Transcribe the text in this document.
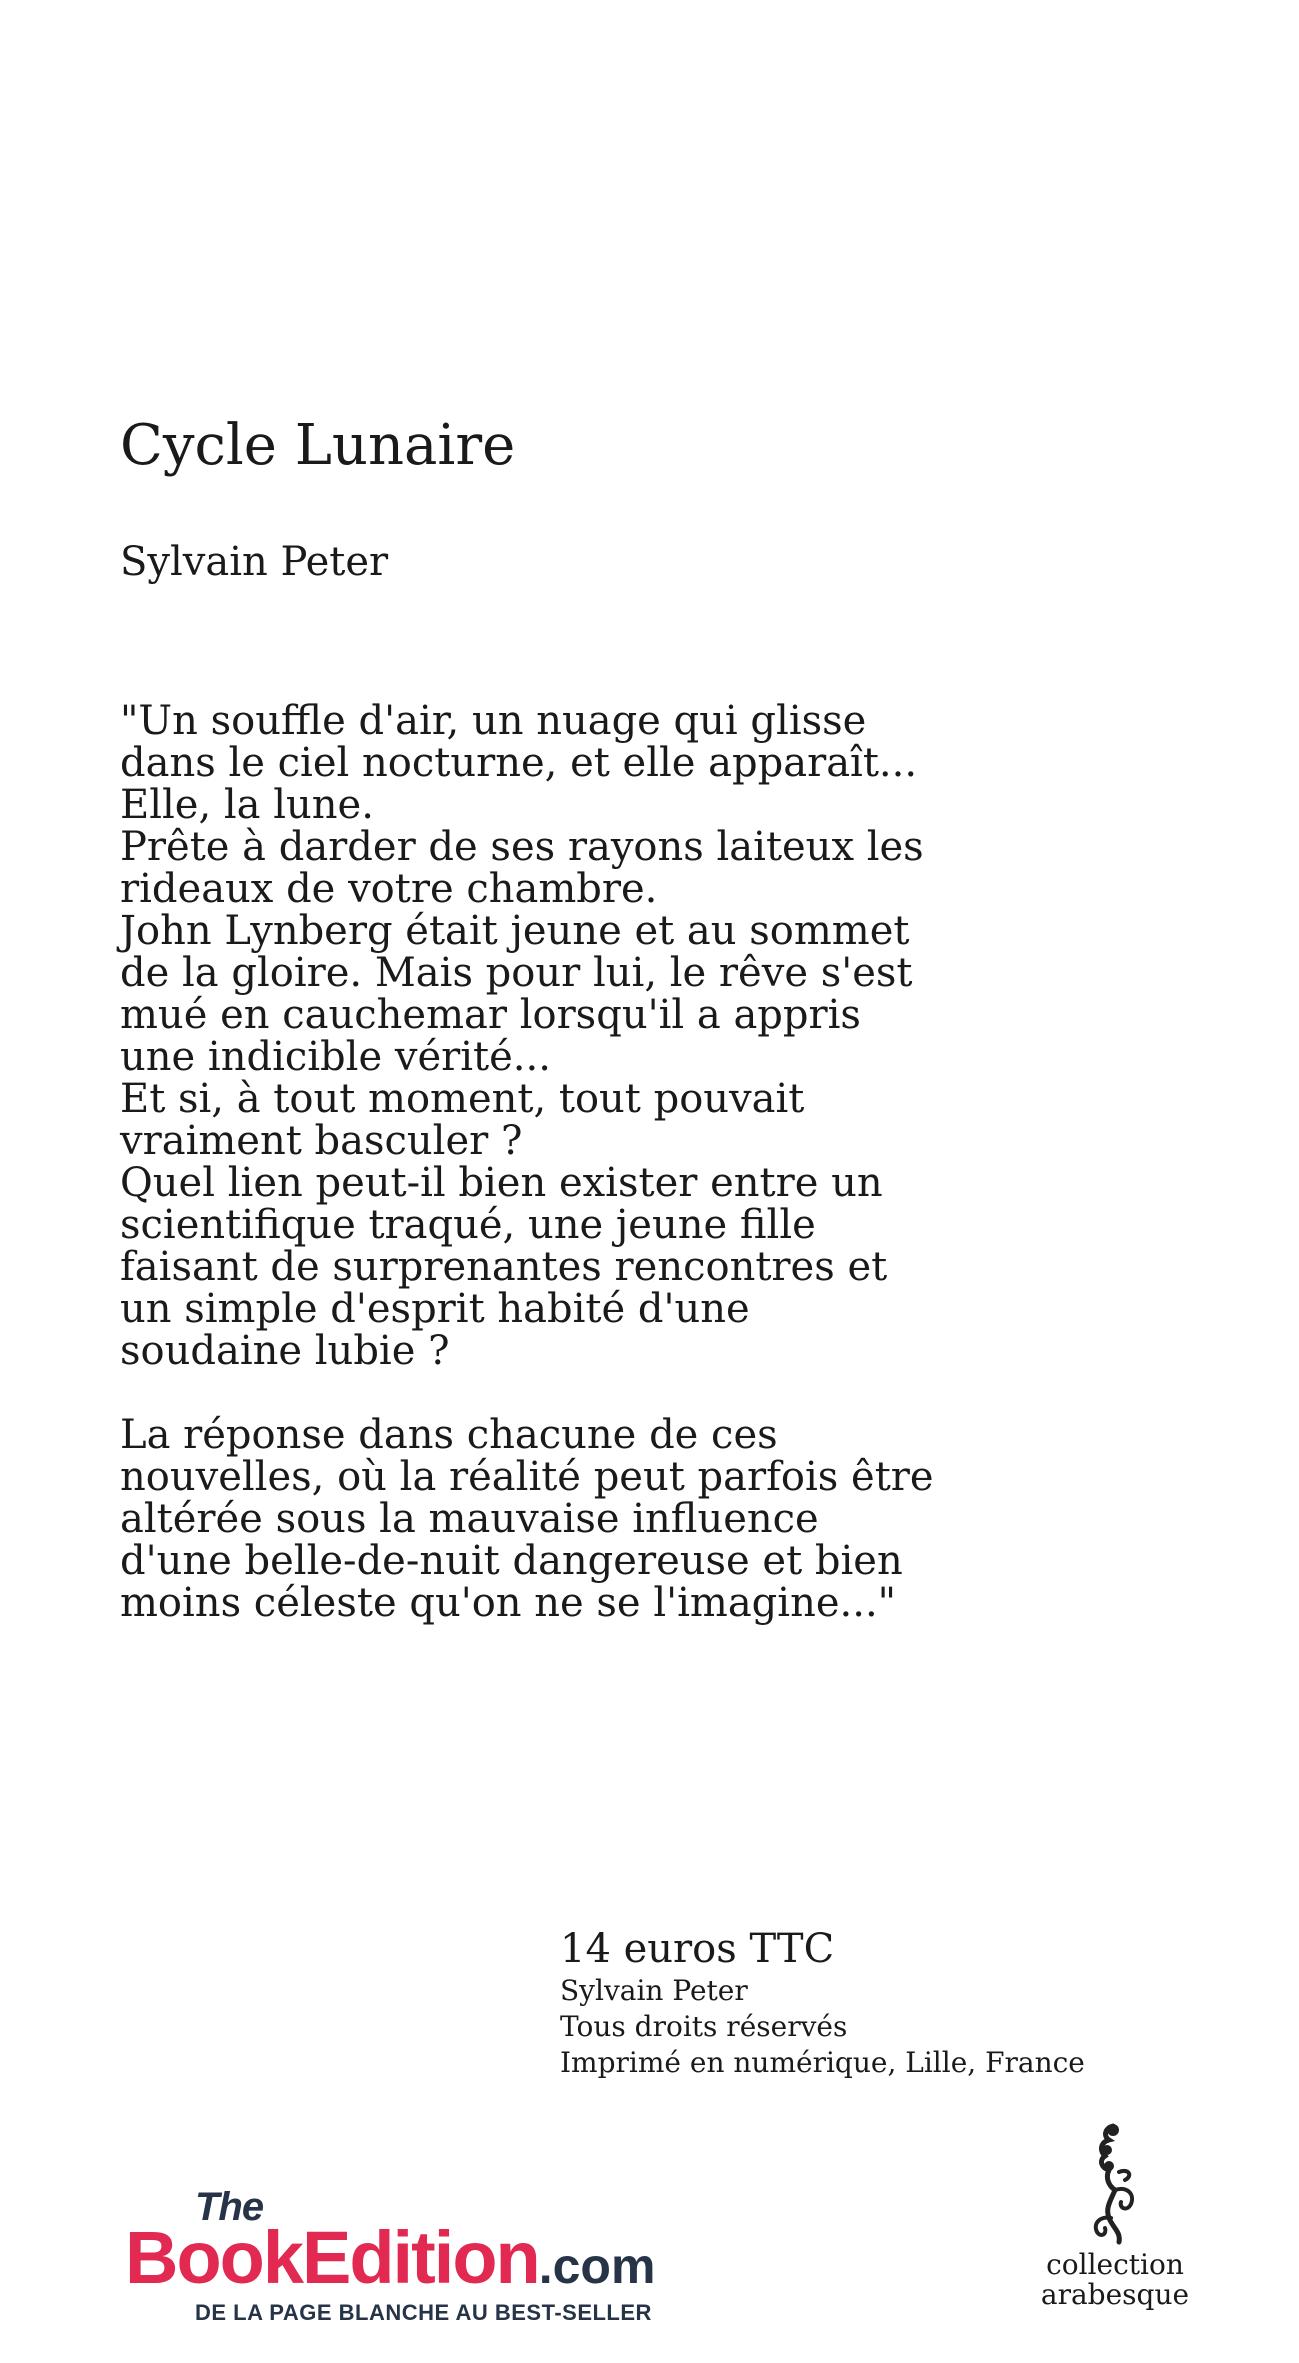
Cycle Lunaire
Sylvain Peter
"Un souffle d'air, un nuage qui glisse
dans le ciel nocturne, et elle apparaît...
Elle, la lune.
Prête à darder de ses rayons laiteux les
rideaux de votre chambre.
John Lynberg était jeune et au sommet
de la gloire. Mais pour lui, le rêve s'est
mué en cauchemar lorsqu'il a appris
une indicible vérité...
Et si, à tout moment, tout pouvait
vraiment basculer ?
Quel lien peut-il bien exister entre un
scientifique traqué, une jeune fille
faisant de surprenantes rencontres et
un simple d'esprit habité d'une
soudaine lubie ?
La réponse dans chacune de ces
nouvelles, où la réalité peut parfois être
altérée sous la mauvaise influence
d'une belle-de-nuit dangereuse et bien
moins céleste qu'on ne se l'imagine..."
14 euros TTC
Sylvain Peter
Tous droits réservés
Imprimé en numérique, Lille, France
The
BookEdition.com
DE LA PAGE BLANCHE AU BEST-SELLER
collection
arabesque
